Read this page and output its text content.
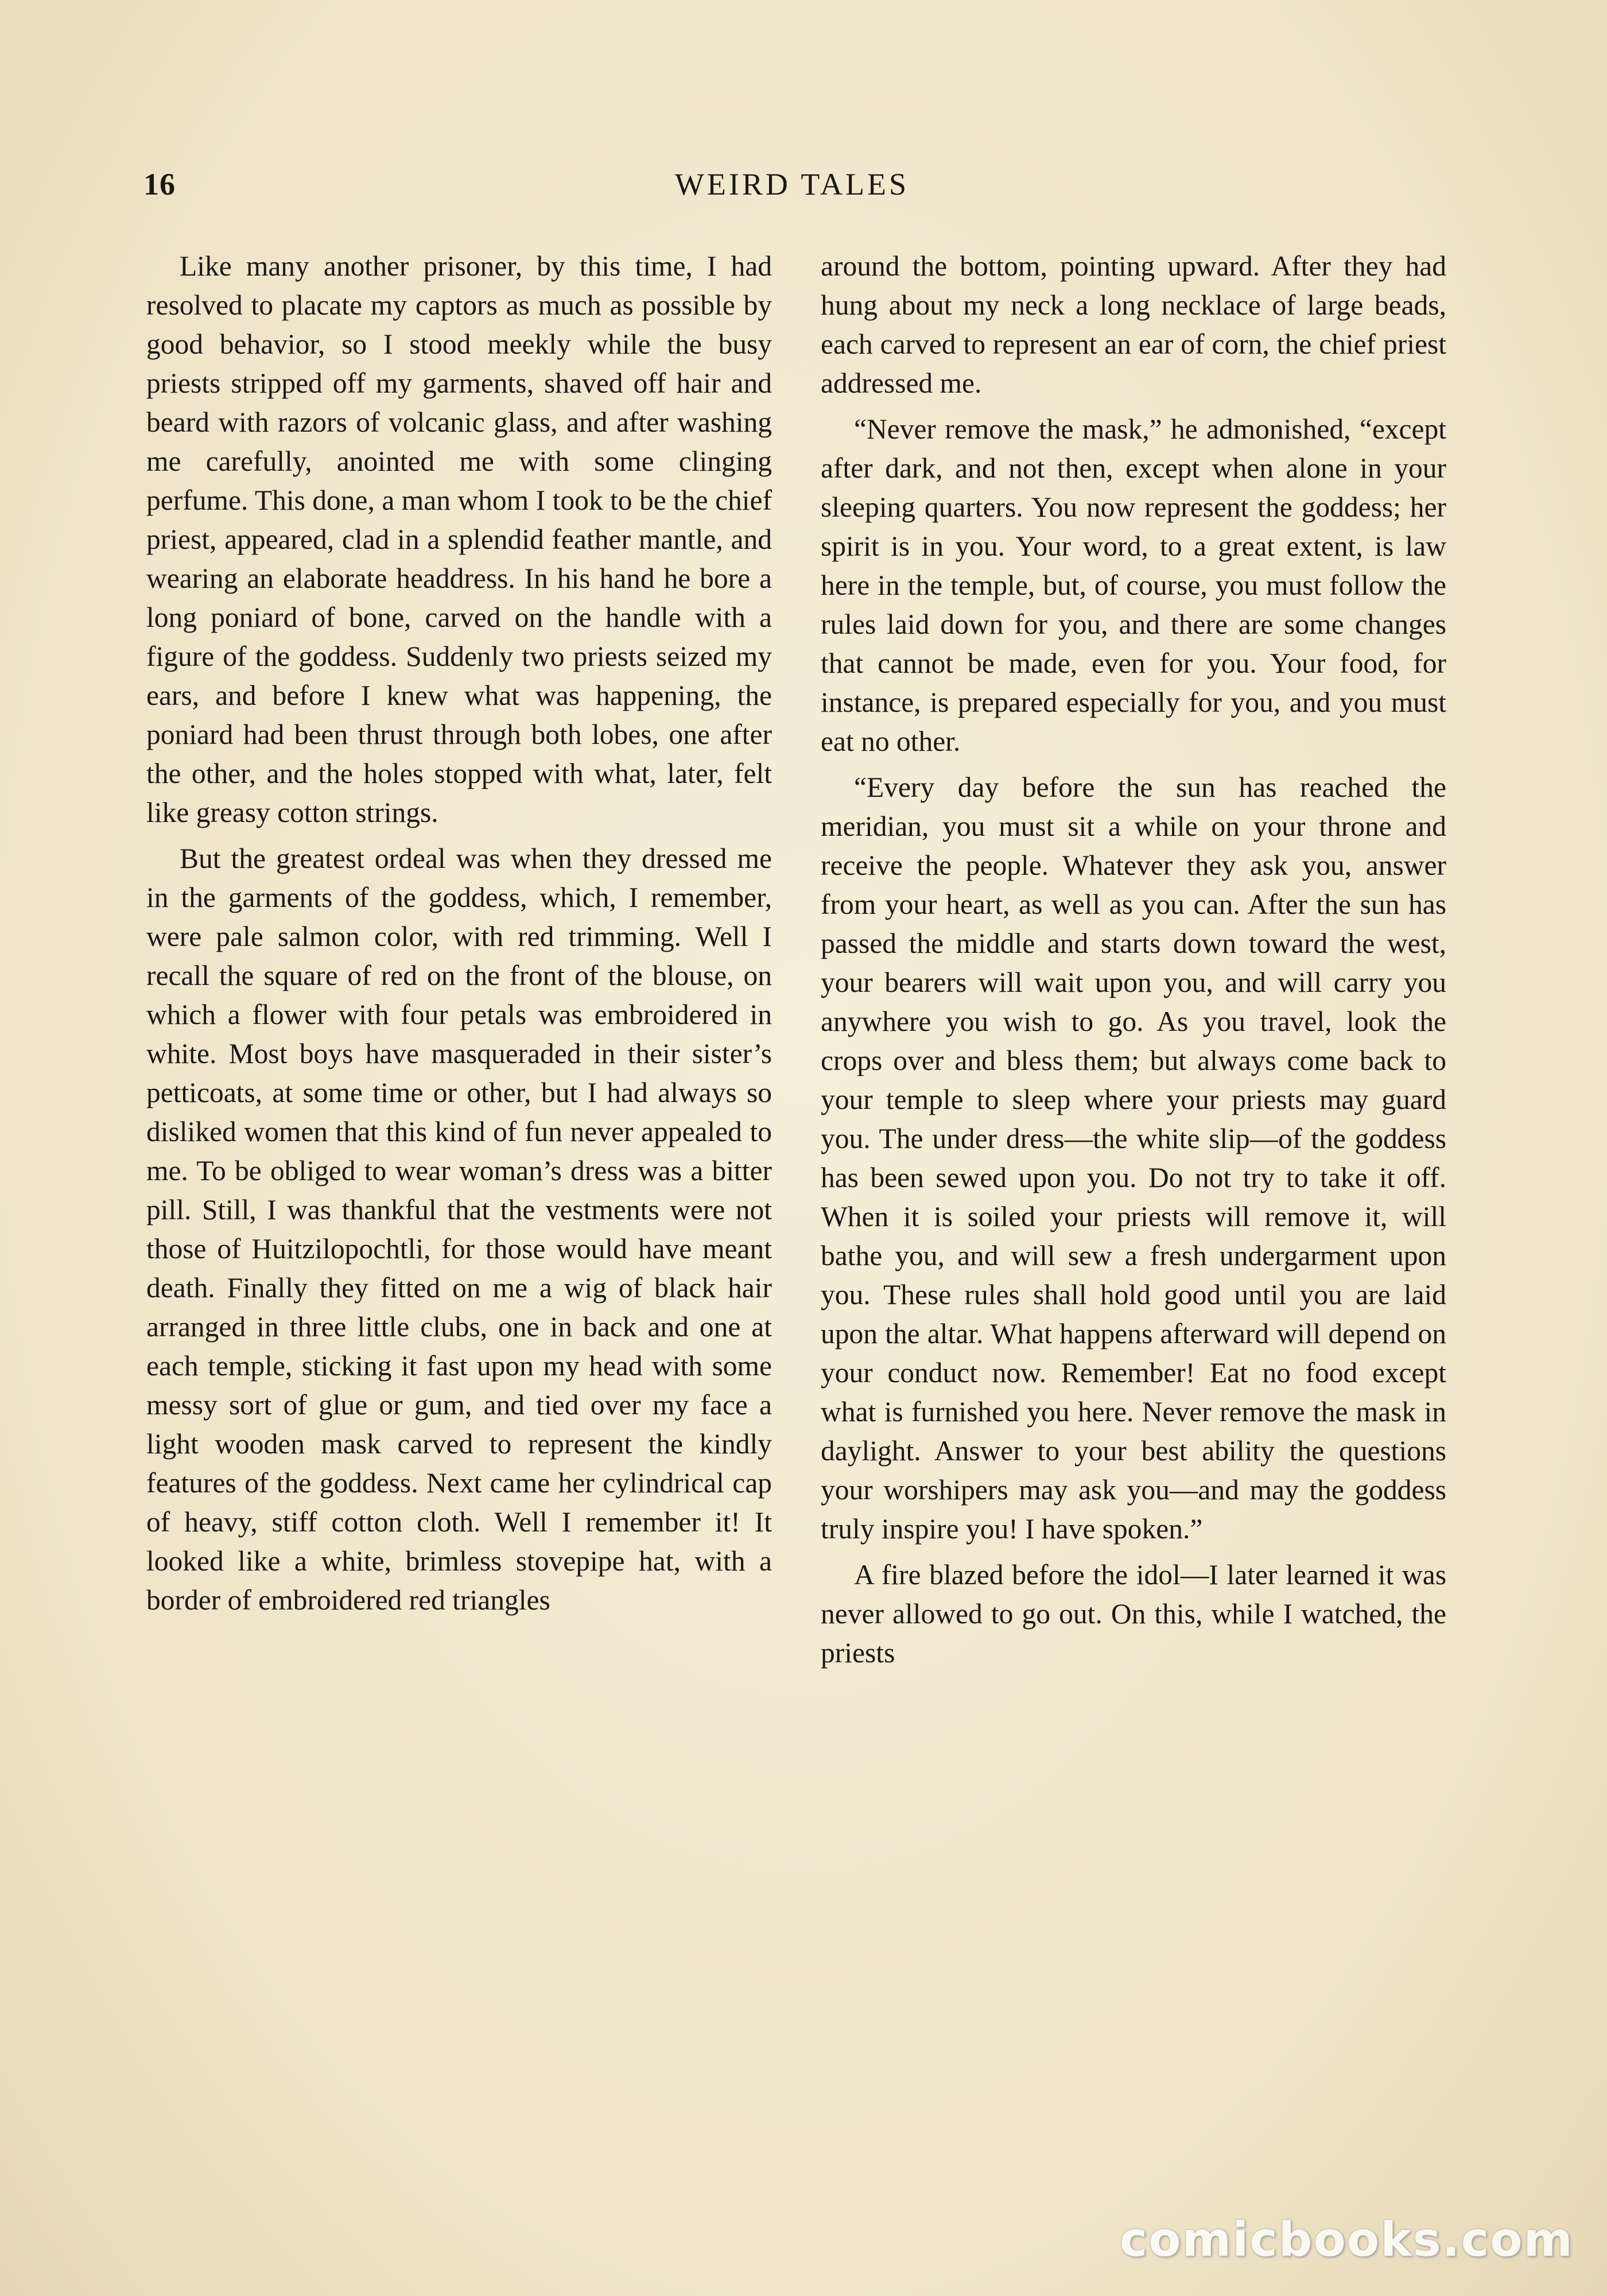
16	WEIRD TALES

Like many another prisoner, by this time, I had resolved to placate my captors as much as possible by good behavior, so I stood meekly while the busy priests stripped off my garments, shaved off hair and beard with razors of volcanic glass, and after washing me carefully, anointed me with some clinging perfume. This done, a man whom I took to be the chief priest, appeared, clad in a splendid feather mantle, and wearing an elaborate headdress. In his hand he bore a long poniard of bone, carved on the handle with a figure of the goddess. Suddenly two priests seized my ears, and before I knew what was happening, the poniard had been thrust through both lobes, one after the other, and the holes stopped with what, later, felt like greasy cotton strings.

But the greatest ordeal was when they dressed me in the garments of the goddess, which, I remember, were pale salmon color, with red trimming. Well I recall the square of red on the front of the blouse, on which a flower with four petals was embroidered in white. Most boys have masqueraded in their sister’s petticoats, at some time or other, but I had always so disliked women that this kind of fun never appealed to me. To be obliged to wear woman’s dress was a bitter pill. Still, I was thankful that the vestments were not those of Huitzilopochtli, for those would have meant death. Finally they fitted on me a wig of black hair arranged in three little clubs, one in back and one at each temple, sticking it fast upon my head with some messy sort of glue or gum, and tied over my face a light wooden mask carved to represent the kindly features of the goddess. Next came her cylindrical cap of heavy, stiff cotton cloth. Well I remember it! It looked like a white, brimless stovepipe hat, with a border of embroidered red triangles

around the bottom, pointing upward. After they had hung about my neck a long necklace of large beads, each carved to represent an ear of corn, the chief priest addressed me.

“Never remove the mask,” he admonished, “except after dark, and not then, except when alone in your sleeping quarters. You now represent the goddess; her spirit is in you. Your word, to a great extent, is law here in the temple, but, of course, you must follow the rules laid down for you, and there are some changes that cannot be made, even for you. Your food, for instance, is prepared especially for you, and you must eat no other.

“Every day before the sun has reached the meridian, you must sit a while on your throne and receive the people. Whatever they ask you, answer from your heart, as well as you can. After the sun has passed the middle and starts down toward the west, your bearers will wait upon you, and will carry you anywhere you wish to go. As you travel, look the crops over and bless them; but always come back to your temple to sleep where your priests may guard you. The under dress—the white slip—of the goddess has been sewed upon you. Do not try to take it off. When it is soiled your priests will remove it, will bathe you, and will sew a fresh undergarment upon you. These rules shall hold good until you are laid upon the altar. What happens afterward will depend on your conduct now. Remember! Eat no food except what is furnished you here. Never remove the mask in daylight. Answer to your best ability the questions your worshipers may ask you—and may the goddess truly inspire you! I have spoken.”

A fire blazed before the idol—I later learned it was never allowed to go out. On this, while I watched, the priests

comicbooks.com
